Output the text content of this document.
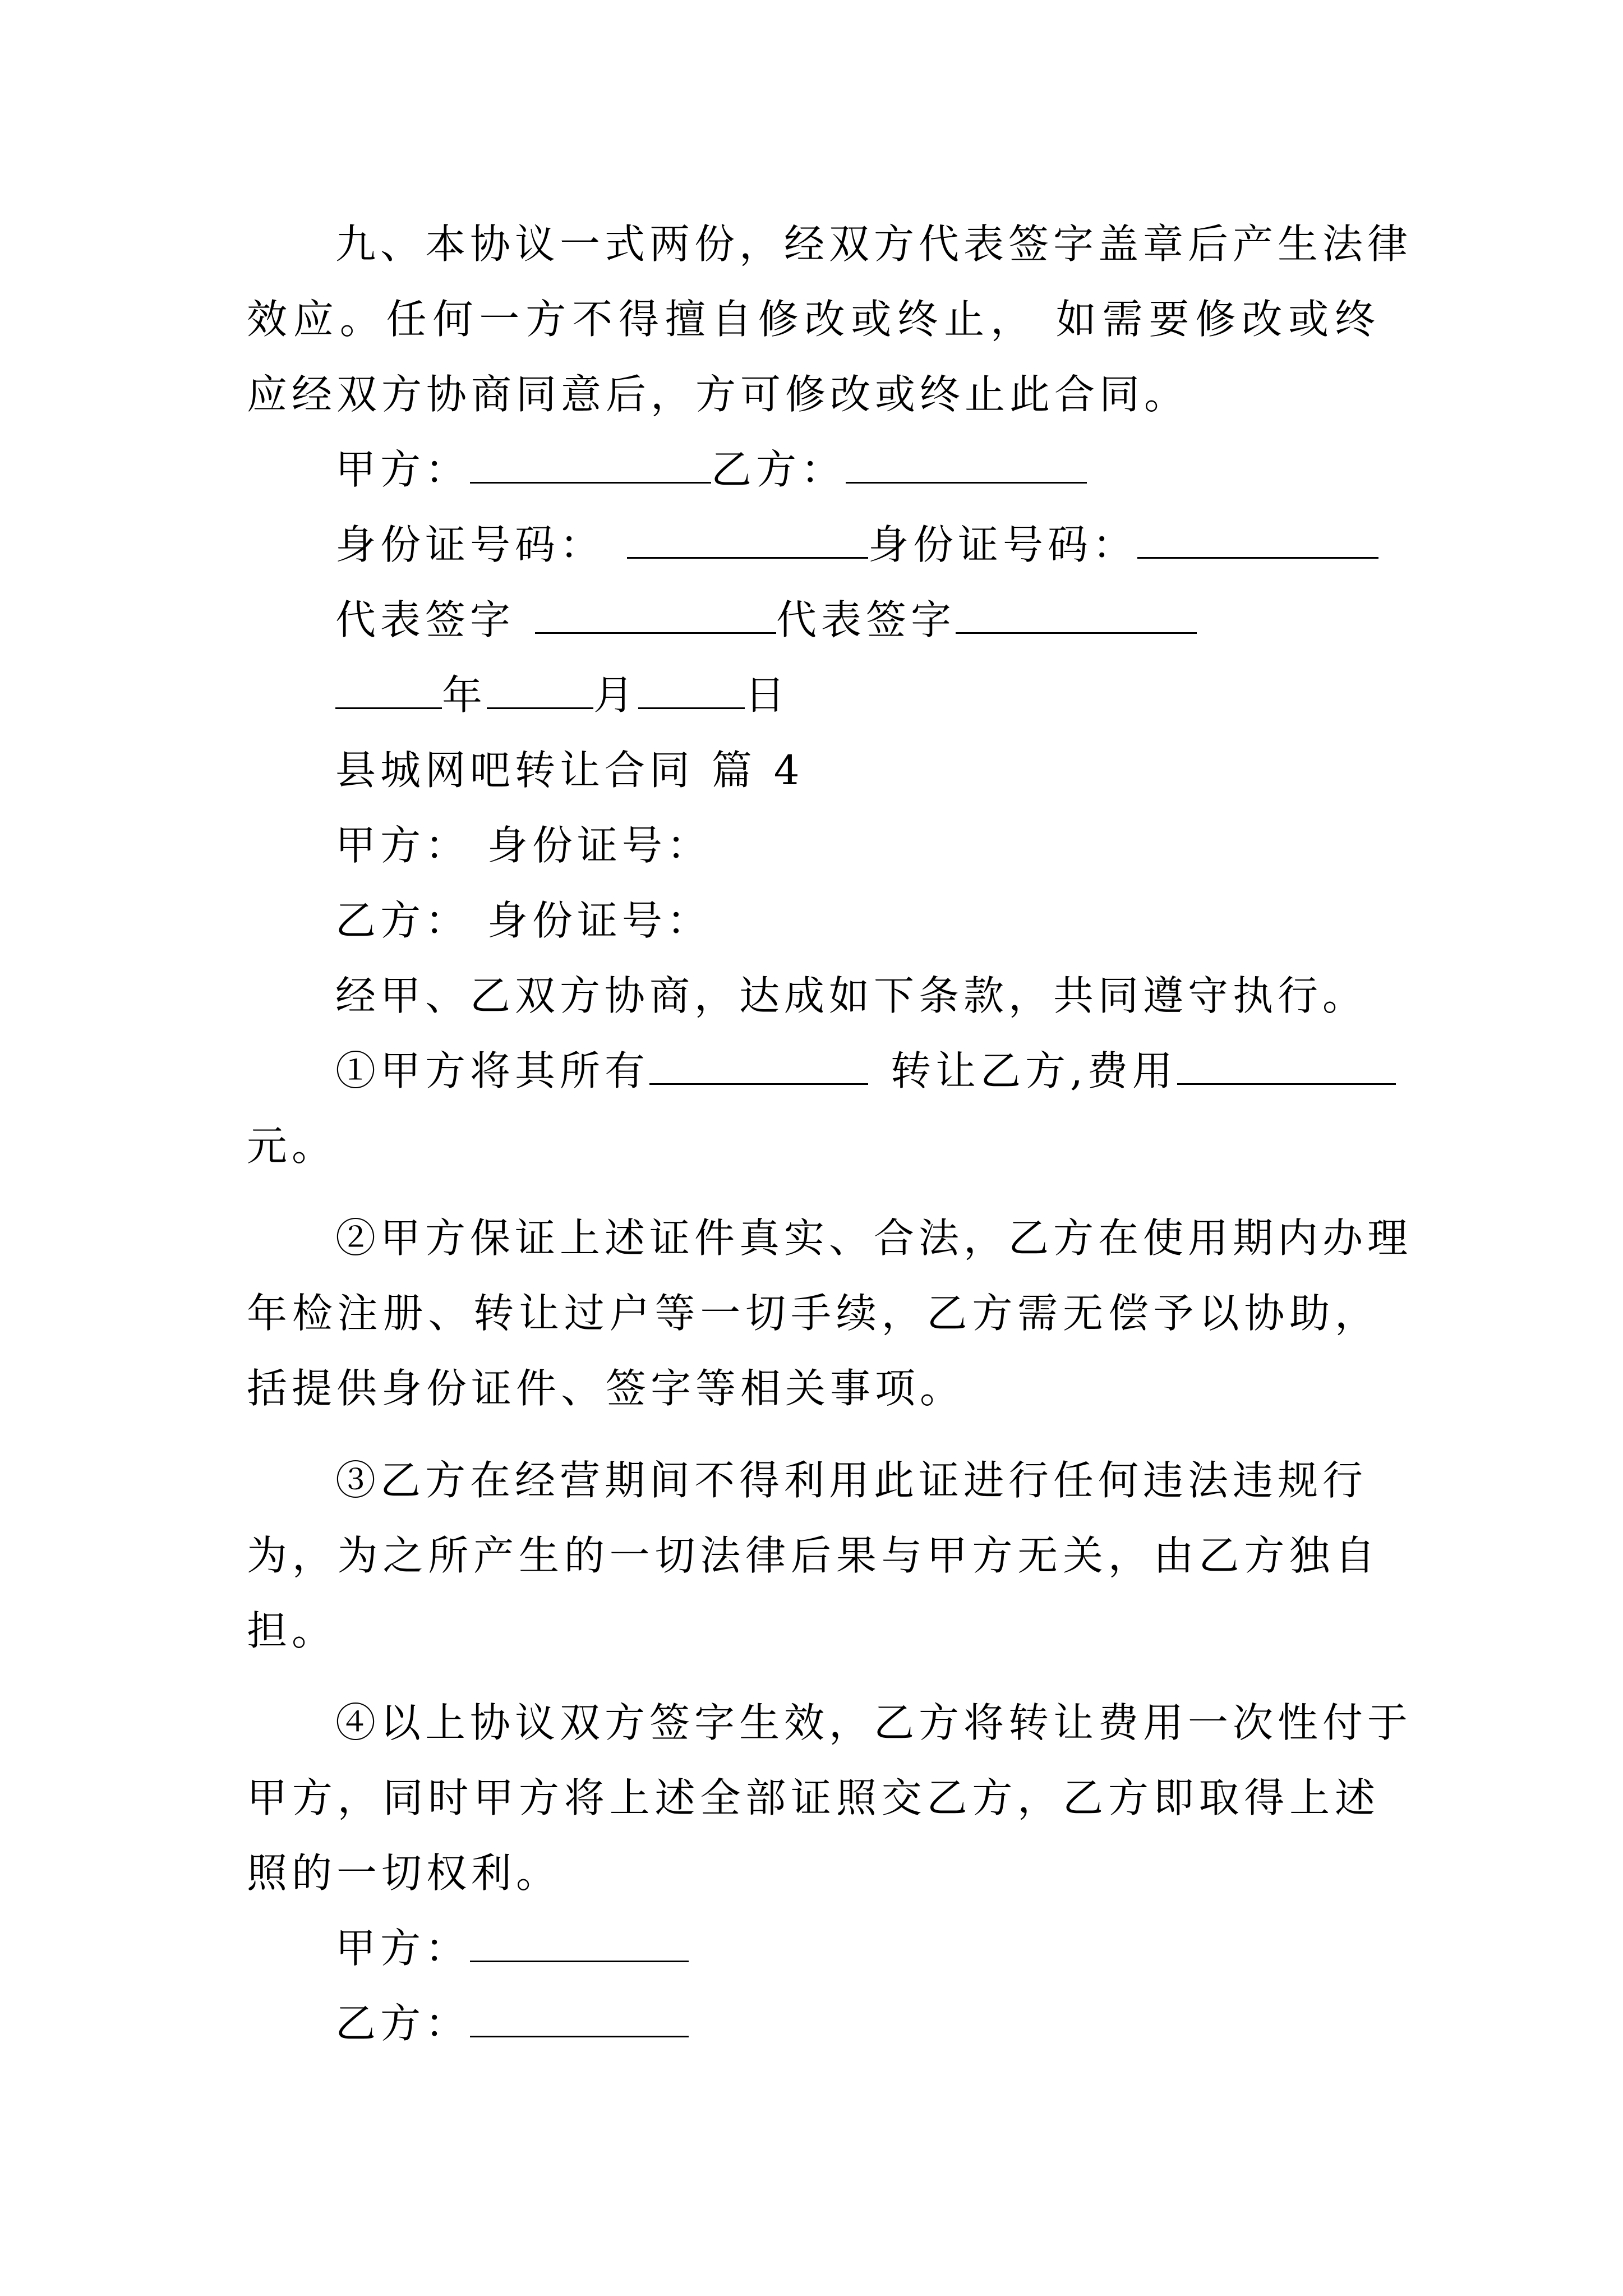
九、本协议一式两份，经双方代表签字盖章后产生法律
效应。任何一方不得擅自修改或终止， 如需要修改或终
应经双方协商同意后，方可修改或终止此合同。
甲方：	乙方：
身份证号码：	身份证号码：
代表签字	代表签字
年	月	日
县城网吧转让合同 篇 4
甲方： 身份证号：
乙方： 身份证号：
经甲、乙双方协商，达成如下条款，共同遵守执行。
①甲方将其所有	转让乙方,费用
元。
②甲方保证上述证件真实、合法，乙方在使用期内办理
年检注册、转让过户等一切手续，乙方需无偿予以协助，
括提供身份证件、签字等相关事项。
③乙方在经营期间不得利用此证进行任何违法违规行
为，为之所产生的一切法律后果与甲方无关，由乙方独自
担。
④以上协议双方签字生效，乙方将转让费用一次性付于
甲方，同时甲方将上述全部证照交乙方，乙方即取得上述
照的一切权利。
甲方：
乙方：
